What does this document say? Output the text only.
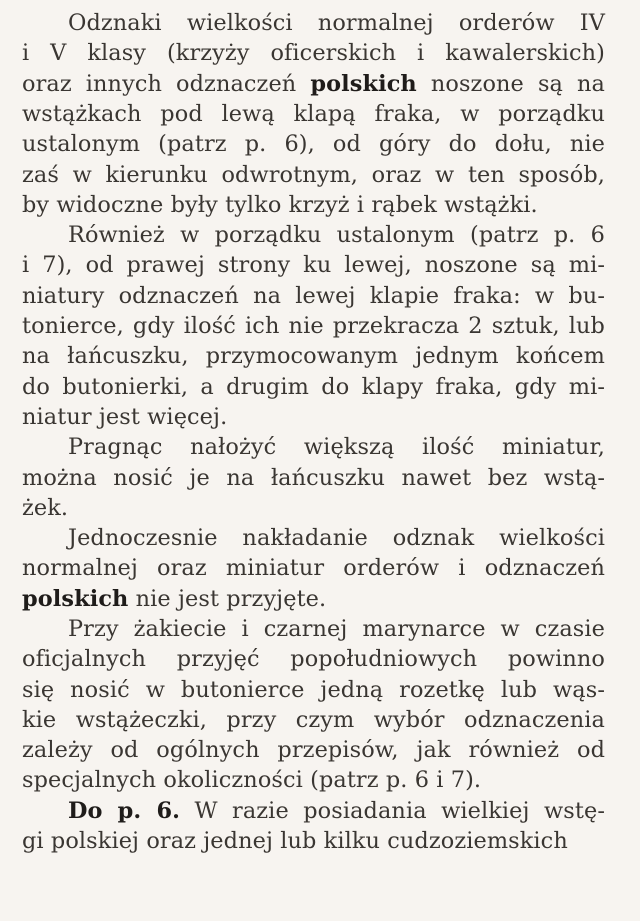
Odznaki wielkości normalnej orderów IV
i V klasy (krzyży oficerskich i kawalerskich)
oraz innych odznaczeń polskich noszone są na
wstążkach pod lewą klapą fraka, w porządku
ustalonym (patrz p. 6), od góry do dołu, nie
zaś w kierunku odwrotnym, oraz w ten sposób,
by widoczne były tylko krzyż i rąbek wstążki.
Również w porządku ustalonym (patrz p. 6
i 7), od prawej strony ku lewej, noszone są mi-
niatury odznaczeń na lewej klapie fraka: w bu-
tonierce, gdy ilość ich nie przekracza 2 sztuk, lub
na łańcuszku, przymocowanym jednym końcem
do butonierki, a drugim do klapy fraka, gdy mi-
niatur jest więcej.
Pragnąc nałożyć większą ilość miniatur,
można nosić je na łańcuszku nawet bez wstą-
żek.
Jednoczesnie nakładanie odznak wielkości
normalnej oraz miniatur orderów i odznaczeń
polskich nie jest przyjęte.
Przy żakiecie i czarnej marynarce w czasie
oficjalnych przyjęć popołudniowych powinno
się nosić w butonierce jedną rozetkę lub wąs-
kie wstążeczki, przy czym wybór odznaczenia
zależy od ogólnych przepisów, jak również od
specjalnych okoliczności (patrz p. 6 i 7).
Do p. 6. W razie posiadania wielkiej wstę-
gi polskiej oraz jednej lub kilku cudzoziemskich
